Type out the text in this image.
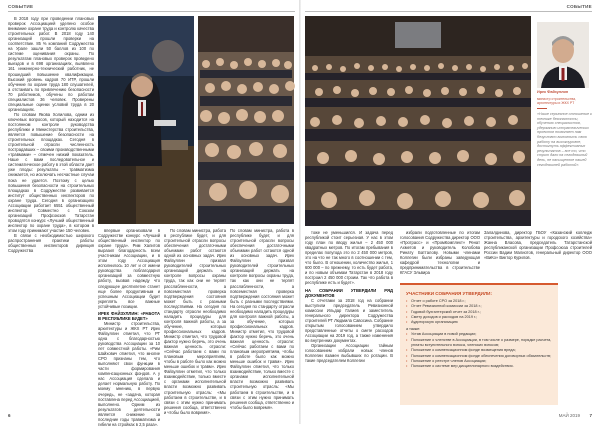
СОБЫТИЕ	СОБЫТИЕ

В 2018 году при проведении плановых проверок Ассоциацией уделено особое внимание охране труда и контролю качества строительных работ. В 2018 году 140 организаций прошли проверки на соответствие. 85 % компаний Содружества на Урале зашли 50 баллов из 100 по системе оценивания охраны. По результатам плановых проверок проведено выездов и в 698 организациях, выявлено 161 инженерно-технический работник, не прошедший повышение квалификации. Высокий уровень кадров 70 ИТР, прошли обучение по охране труда 180 слушателей, а отстаивать по привлечению безопасности 70 работников, обучены по работам специалистов 36 человек. Проверены специальные оценки условий труда в 20 организациях.

По словам Якова Холилова, одним из ключевых вопросов, который находится на постоянном контроле руководства республики и Министерства строительства, является повышение безопасности на строительных площадках. Сегодня в строительной отрасли численность пострадавших – своими производственными «травмами» – отмечен низкий показатель. Наше с вами последовательное и систематическое работу в этой области дает уже плоды: результаты – травматизма снижается, но исключать несчастные случаи пока не удается. Поэтому с целью повышения безопасности на строительных площадках в Содружестве развивается институт общественных инспекторов по охране труда. Сегодня в организациях Ассоциации работает 6551 общественный инспектор. Совместно с Союзом организаций Профсоюзов Татарстан проводятся конкурс «Лучший общественный инспектор по охране труда», в котором в этом году принимают участие 150 человек.

В связи с необходимостью широкого распространения практики работы общественных инспекторов дирекция Содружества

впервые организовали в Содружестве конкурс «Лучший общественный инспектор по охране труда». Рим Халитов выразил благодарность всем участникам Ассоциации, и в этом году Ассоциация исполнилось 10 лет и от имени руководства поблагодарил организаций за совместную работу, вызвав надежду что следующее десятилетие станет еще более продуктивным и успешным Ассоциации будет укреплять все важные устойчивые позиции.

ИРЕК ФАЙЗУЛЛИН: «РАБОТА В РЕСПУБЛИКЕ БУДЕТ»

Министр строительства, архитектуры и ЖКХ РТ Ирек Файзуллин отметил, что РТ одна с благодарностью руководства Ассоциации за 10 лет совместной работы. «Рим Шайхович отметил, что многие СРО признаны тем, что выполняют свои функции в части формирования компенсационных фондов. А у нас Ассоциация сделала и делает нормальную работу. По моему мнению, в первую очередь, не «задача, которая поставлена перед Ассоциацией, выполнено. Одним из результатов деятельности является снижение за последние годы травматизма и гибели на стройках в 2,5 раза».

По словам министра, работа в республике будет, и для строительной отрасли вопросы обеспечения достаточными объемами работ остаются одной из основных задач. Ирек Файзуллин призвал руководителей строительных организаций держать на контроле вопросы охраны труда, так как они не терпят расслабленности, а повсеместная проверка подтверждения состояния может быть с разными последствиями. На сегодня по стандарту отрасли необходимо наладить процедуры для контроля важной работы, а за обучение, которых профессиональных кадров. Министр отметил, что трудовой фактор нужно беречь, это очень важная ценность отрасли: «Сейчас работаем с вами по плановым мероприятиям, чтобы в работе было как можно меньше ошибок и травм». Ирек Файзуллин отметил, что только взаимодействие, только вместе с органами исполнительной власти возможно развивать строительную отрасль: «Мы работаем в строительстве, и в связи с этим нужно принимать решения сообща, ответственно и чтобы было вовремя».

По словам министра, работа в республике будет, и для строительной отрасли вопросы обеспечения достаточными объемами работ остаются одной из основных задач. Ирек Файзуллин призвал руководителей строительных организаций держать на контроле вопросы охраны труда, так как они не терпят расслабленности, а повсеместная проверка подтверждения состояния может быть с разными последствиями. На сегодня по стандарту отрасли необходимо наладить процедуры для контроля важной работы, а за обучение, которых профессиональных кадров. Министр отметил, что трудовой фактор нужно беречь, это очень важная ценность отрасли: «Сейчас работаем с вами по плановым мероприятиям, чтобы в работе было как можно меньше ошибок и травм». Ирек Файзуллин отметил, что только взаимодействие, только вместе с органами исполнительной власти возможно развивать строительную отрасль: «Мы работаем в строительстве, и в связи с этим нужно принимать решения сообща, ответственно и чтобы было вовремя».

Ирек Файзуллин
министр строительства, архитектуры и ЖКХ РТ
«Наше серьезное отношение к технике безопасности, обучению специалистов, удержанию истратегических проектов позволяет нам безусловно выполнить свою работу на высокоуровне, достигнуть эффективных результатов – все то, что стрит дало на сегодняшний день, не насыщенное нашей сегодняшней работой».

тоже не уменьшился. И задача перед республикой стоит серьезная. У нас в этом году план по вводу жилья – 2 450 000 квадратных метров. По итогам пребывания в пределах полугода это по 2 450 000 метров, это на что не так много в соотношении с тем, что было. В отношении, количество жилья, 1 600 000 – по прежнему, то есть будет работа, и по новым объемам Татарстан в 2018 году построил 2 450 000 строим. Так что работа в республике есть и будет».

НА СОБРАНИИ УТВЕРДИЛИ РЯД ДОКУМЕНТОВ

С отчетами за 2018 год на собрании выступили председатель Ревизионной комиссии Ильдар Галиев и заместитель генерального директора Содружества строителей РТ Людмила Савосина. Собрание открытым голосованием утвердило представленные отчеты о смете расходов Ассоциации на 2019 год, а также изменения во внутренних документах.

Организации Ассоциации тайным голосованием избрали новых членов Коллегии взамен выбывших по ротации. В такие председателем Коллегии

избрали подготовленные по итогам голосования Содружества директор ООО «Протрасс» и «ПромКомплект» Ренат Ахметов и руководитель Колобова Ринату Батталову. Новыми членами Коллегии были избраны заведующая кафедрой технологии и предпринимательства в строительстве КГАСУ Эльвира

Залалдинова, директор ГБОУ «Казанский колледж строительства, архитектуры и городского хозяйства» Жанна Власова, председатель Татарстанской республиканской организации Профсоюза строителей России Вадим Малиотов, генеральный директор ООО «ВиКо» Виктор Курилов.

УЧАСТНИКИ СОБРАНИЯ УТВЕРДИЛИ:
• Отчет о работе СРО за 2018 г.;
• Отчет Ревизионной комиссии за 2018 г.;
• Годовой бухгалтерский отчет за 2018 г.;
• Смету доходов и расходов на 2019 г.;
• Аудиторскую организацию
а также:
• Устав Ассоциации в новой редакции;
• Положение о членстве в Ассоциации, в том числе о размере, порядке расчета, уплаты вступительного взноса, членских взносов;
• Положение о компенсационном фонде возмещения вреда;
• Положение о компенсационном фонде обеспечения договорных обязательств;
• Положение о реестре членов Ассоциации;
• Положение о системе мер дисциплинарного воздействия.
6	МАЙ 2019 7
